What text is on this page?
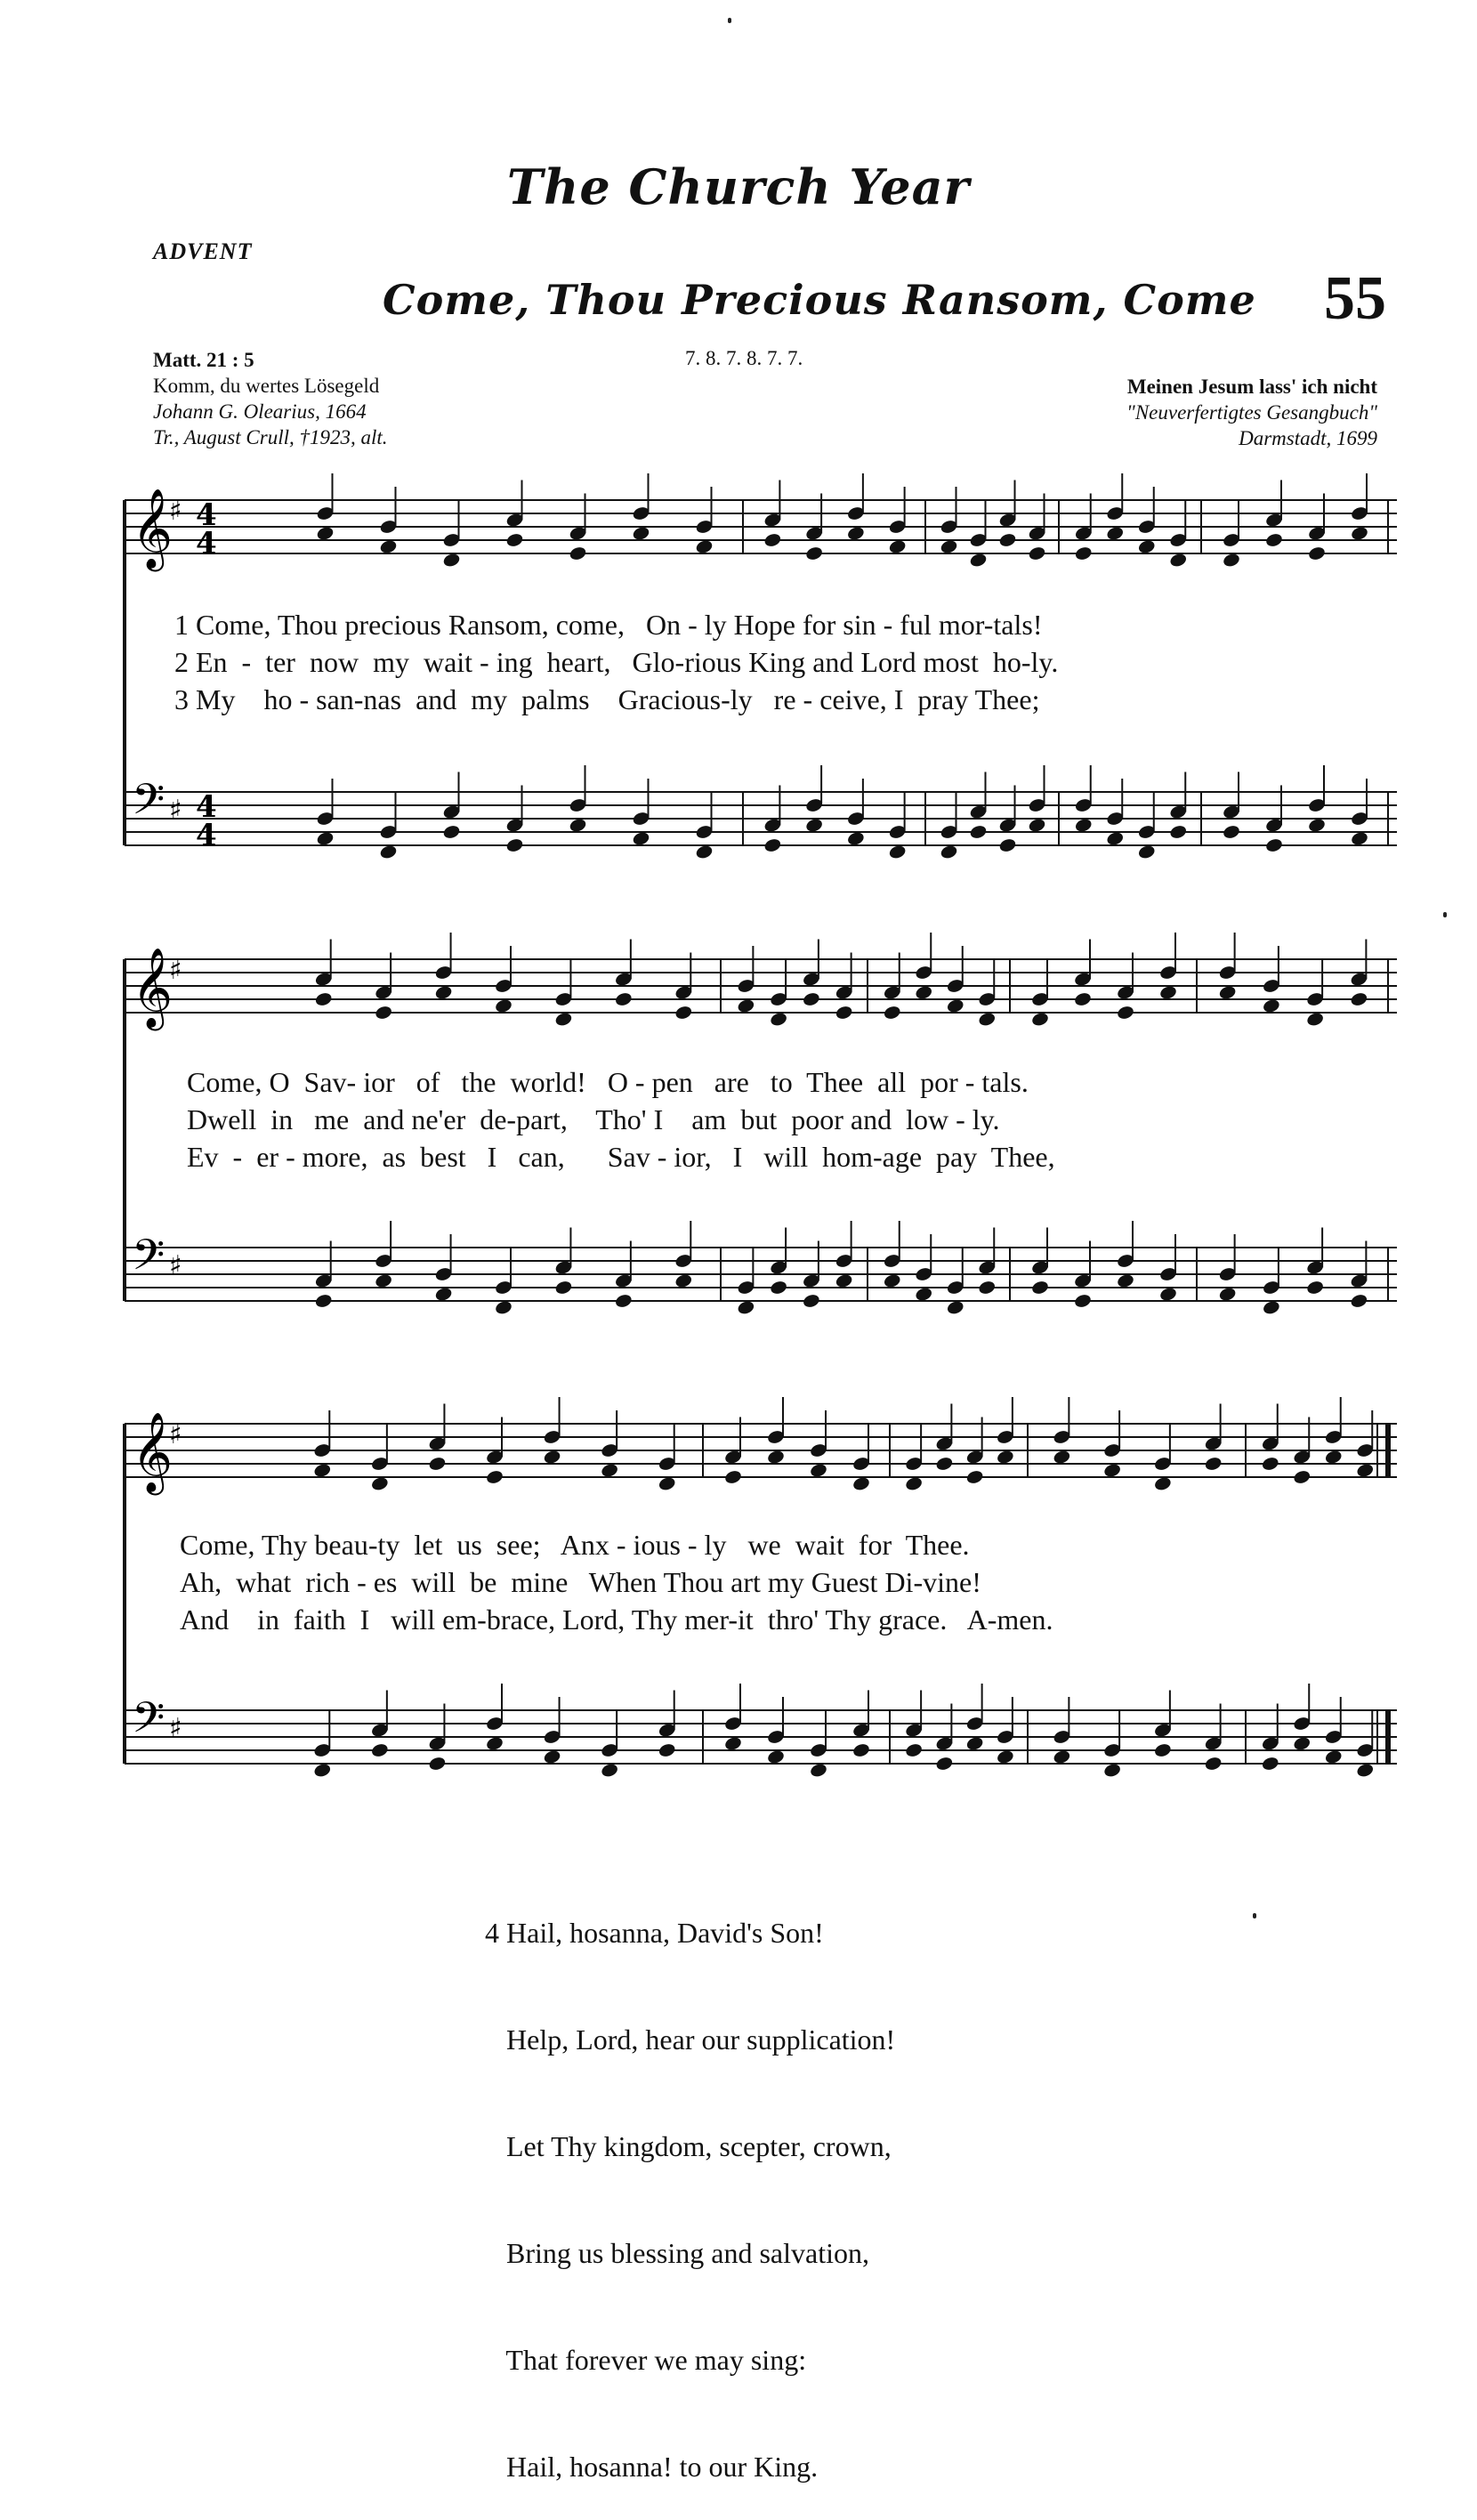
The Church Year
ADVENT
Come, Thou Precious Ransom, Come 55
Matt. 21 : 5
Komm, du wertes Lösegeld
Johann G. Olearius, 1664
Tr., August Crull, †1923, alt.
7. 8. 7. 8. 7. 7.
Meinen Jesum lass' ich nicht
"Neuverfertigtes Gesangbuch"
Darmstadt, 1699
𝄞
♯ 4
4
𝄢 ♯ 4
4
𝄞
♯
𝄢 ♯
𝄞
♯
𝄢 ♯
1 Come, Thou precious Ransom, come,   On - ly Hope for sin - ful mor-tals!
2 En  -  ter  now  my  wait - ing  heart,   Glo-rious King and Lord most  ho-ly.
3 My    ho - san-nas  and  my  palms    Gracious-ly   re - ceive, I  pray Thee;
Come, O  Sav- ior   of   the  world!   O - pen   are   to  Thee  all  por - tals.
Dwell  in   me  and ne'er  de-part,    Tho' I    am  but  poor and  low - ly.
Ev  -  er - more,  as  best   I   can,      Sav - ior,   I   will  hom-age  pay  Thee,
Come, Thy beau-ty  let  us  see;   Anx - ious - ly   we  wait  for  Thee.
Ah,  what  rich - es  will  be  mine   When Thou art my Guest Di-vine!
And    in  faith  I   will em-brace, Lord, Thy mer-it  thro' Thy grace.   A-men.

4 Hail, hosanna, David's Son!

Help, Lord, hear our supplication!

Let Thy kingdom, scepter, crown,

Bring us blessing and salvation,

That forever we may sing:

Hail, hosanna! to our King.
